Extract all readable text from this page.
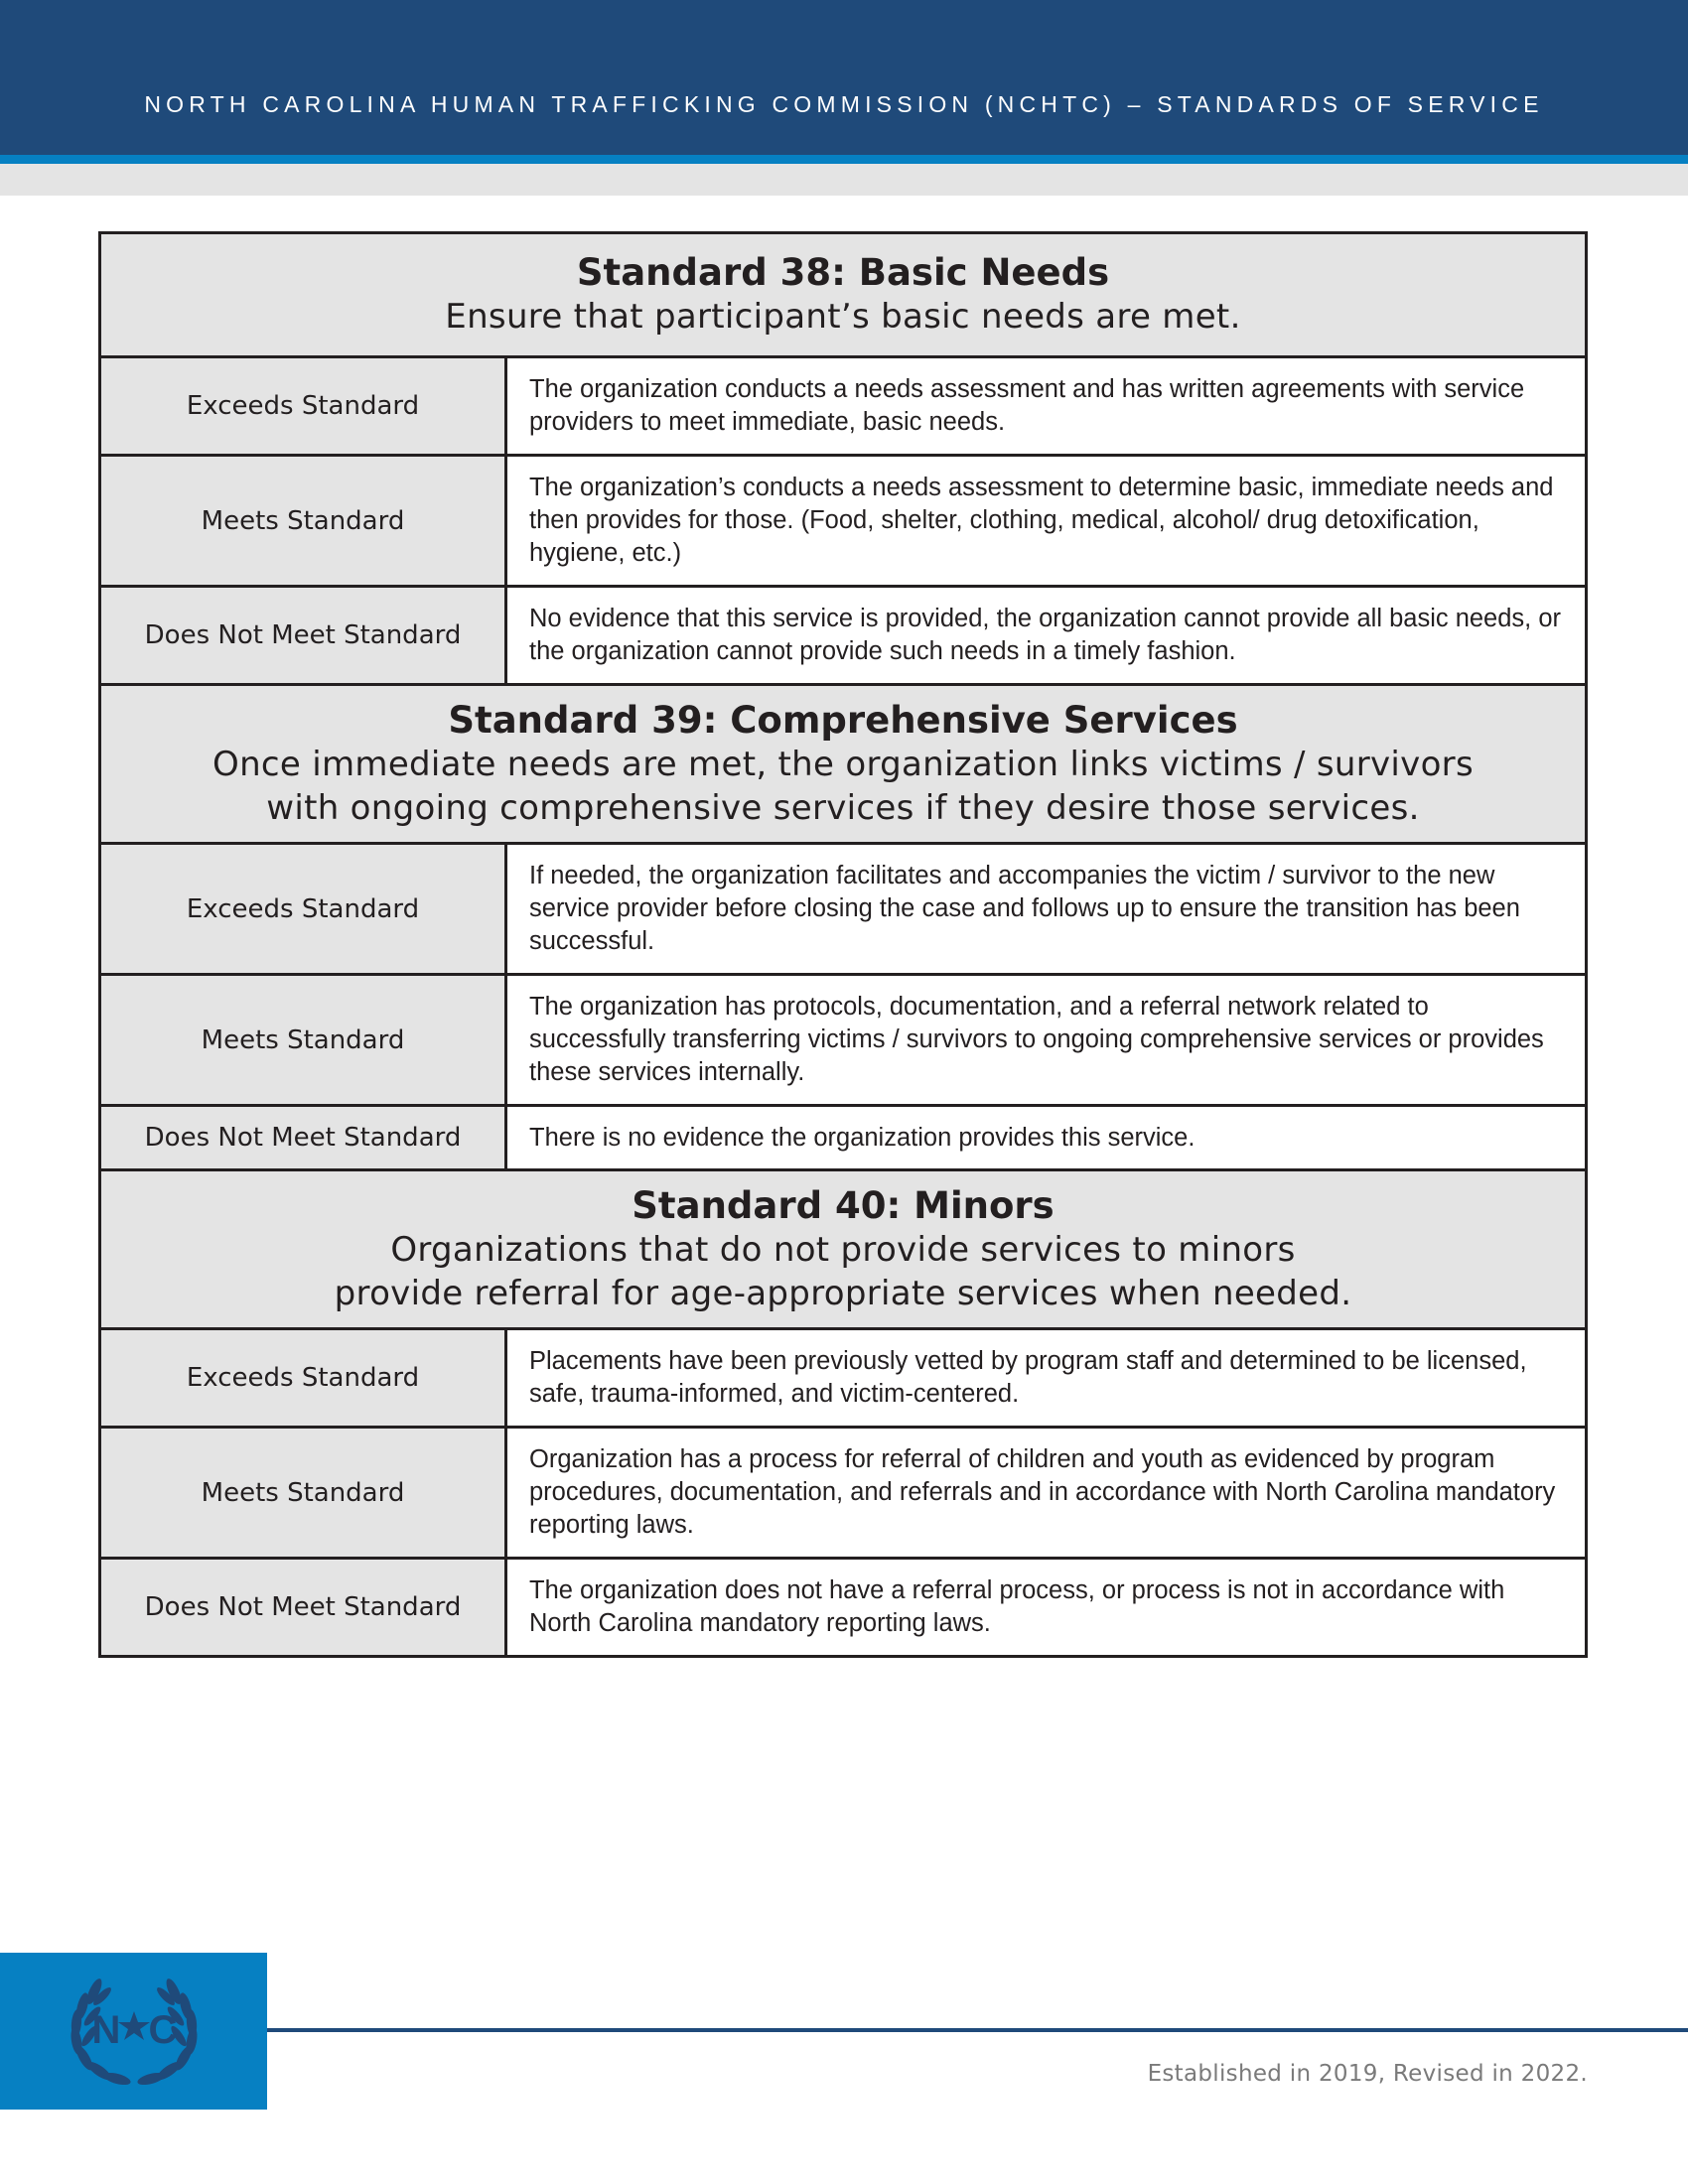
NORTH CAROLINA HUMAN TRAFFICKING COMMISSION (NCHTC) – STANDARDS OF SERVICE
Standard 38: Basic Needs
Ensure that participant’s basic needs are met.
Exceeds Standard
The organization conducts a needs assessment and has written agreements with service providers to meet immediate, basic needs.
Meets Standard
The organization’s conducts a needs assessment to determine basic, immediate needs and then provides for those. (Food, shelter, clothing, medical, alcohol/ drug detoxification, hygiene, etc.)
Does Not Meet Standard
No evidence that this service is provided, the organization cannot provide all basic needs, or the organization cannot provide such needs in a timely fashion.
Standard 39: Comprehensive Services
Once immediate needs are met, the organization links victims / survivors
with ongoing comprehensive services if they desire those services.
Exceeds Standard
If needed, the organization facilitates and accompanies the victim / survivor to the new service provider before closing the case and follows up to ensure the transition has been successful.
Meets Standard
The organization has protocols, documentation, and a referral network related to successfully transferring victims / survivors to ongoing comprehensive services or provides these services internally.
Does Not Meet Standard	There is no evidence the organization provides this service.
Standard 40: Minors
Organizations that do not provide services to minors
provide referral for age-appropriate services when needed.
Exceeds Standard
Placements have been previously vetted by program staff and determined to be licensed, safe, trauma-informed, and victim-centered.
Meets Standard
Organization has a process for referral of children and youth as evidenced by program procedures, documentation, and referrals and in accordance with North Carolina mandatory reporting laws.
Does Not Meet Standard
The organization does not have a referral process, or process is not in accordance with North Carolina mandatory reporting laws.
N C
Established in 2019, Revised in 2022.
